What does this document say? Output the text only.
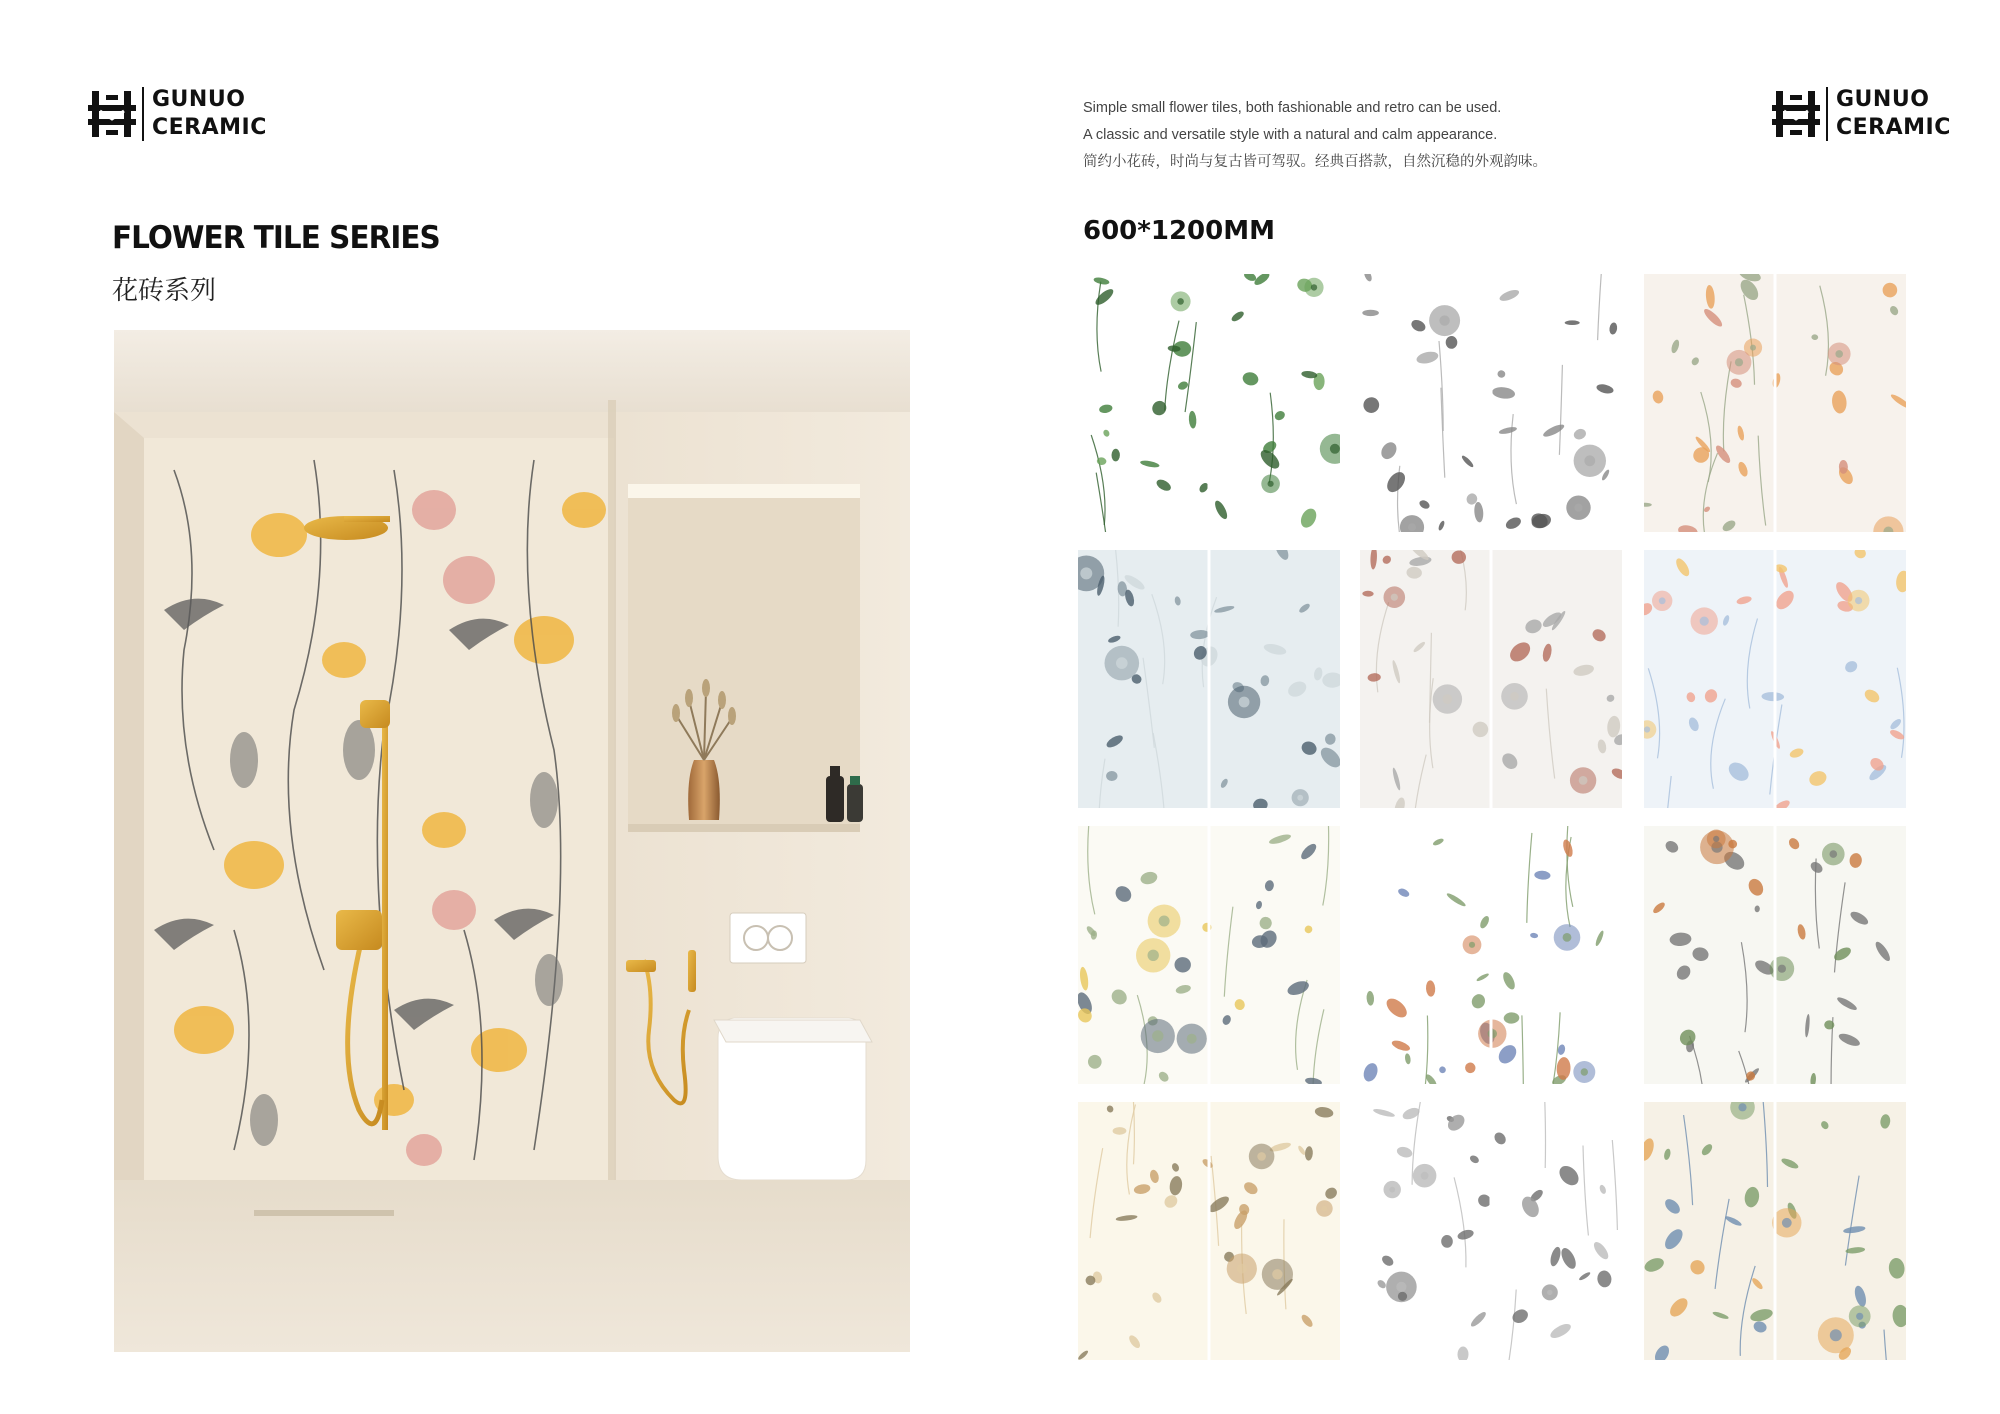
GUNUO
CERAMIC
FLOWER TILE SERIES
花砖系列

Simple small flower tiles, both fashionable and retro can be used.

A classic and versatile style with a natural and calm appearance.

简约小花砖，时尚与复古皆可驾驭。经典百搭款，自然沉稳的外观韵味。

GUNUO
CERAMIC
600*1200MM
